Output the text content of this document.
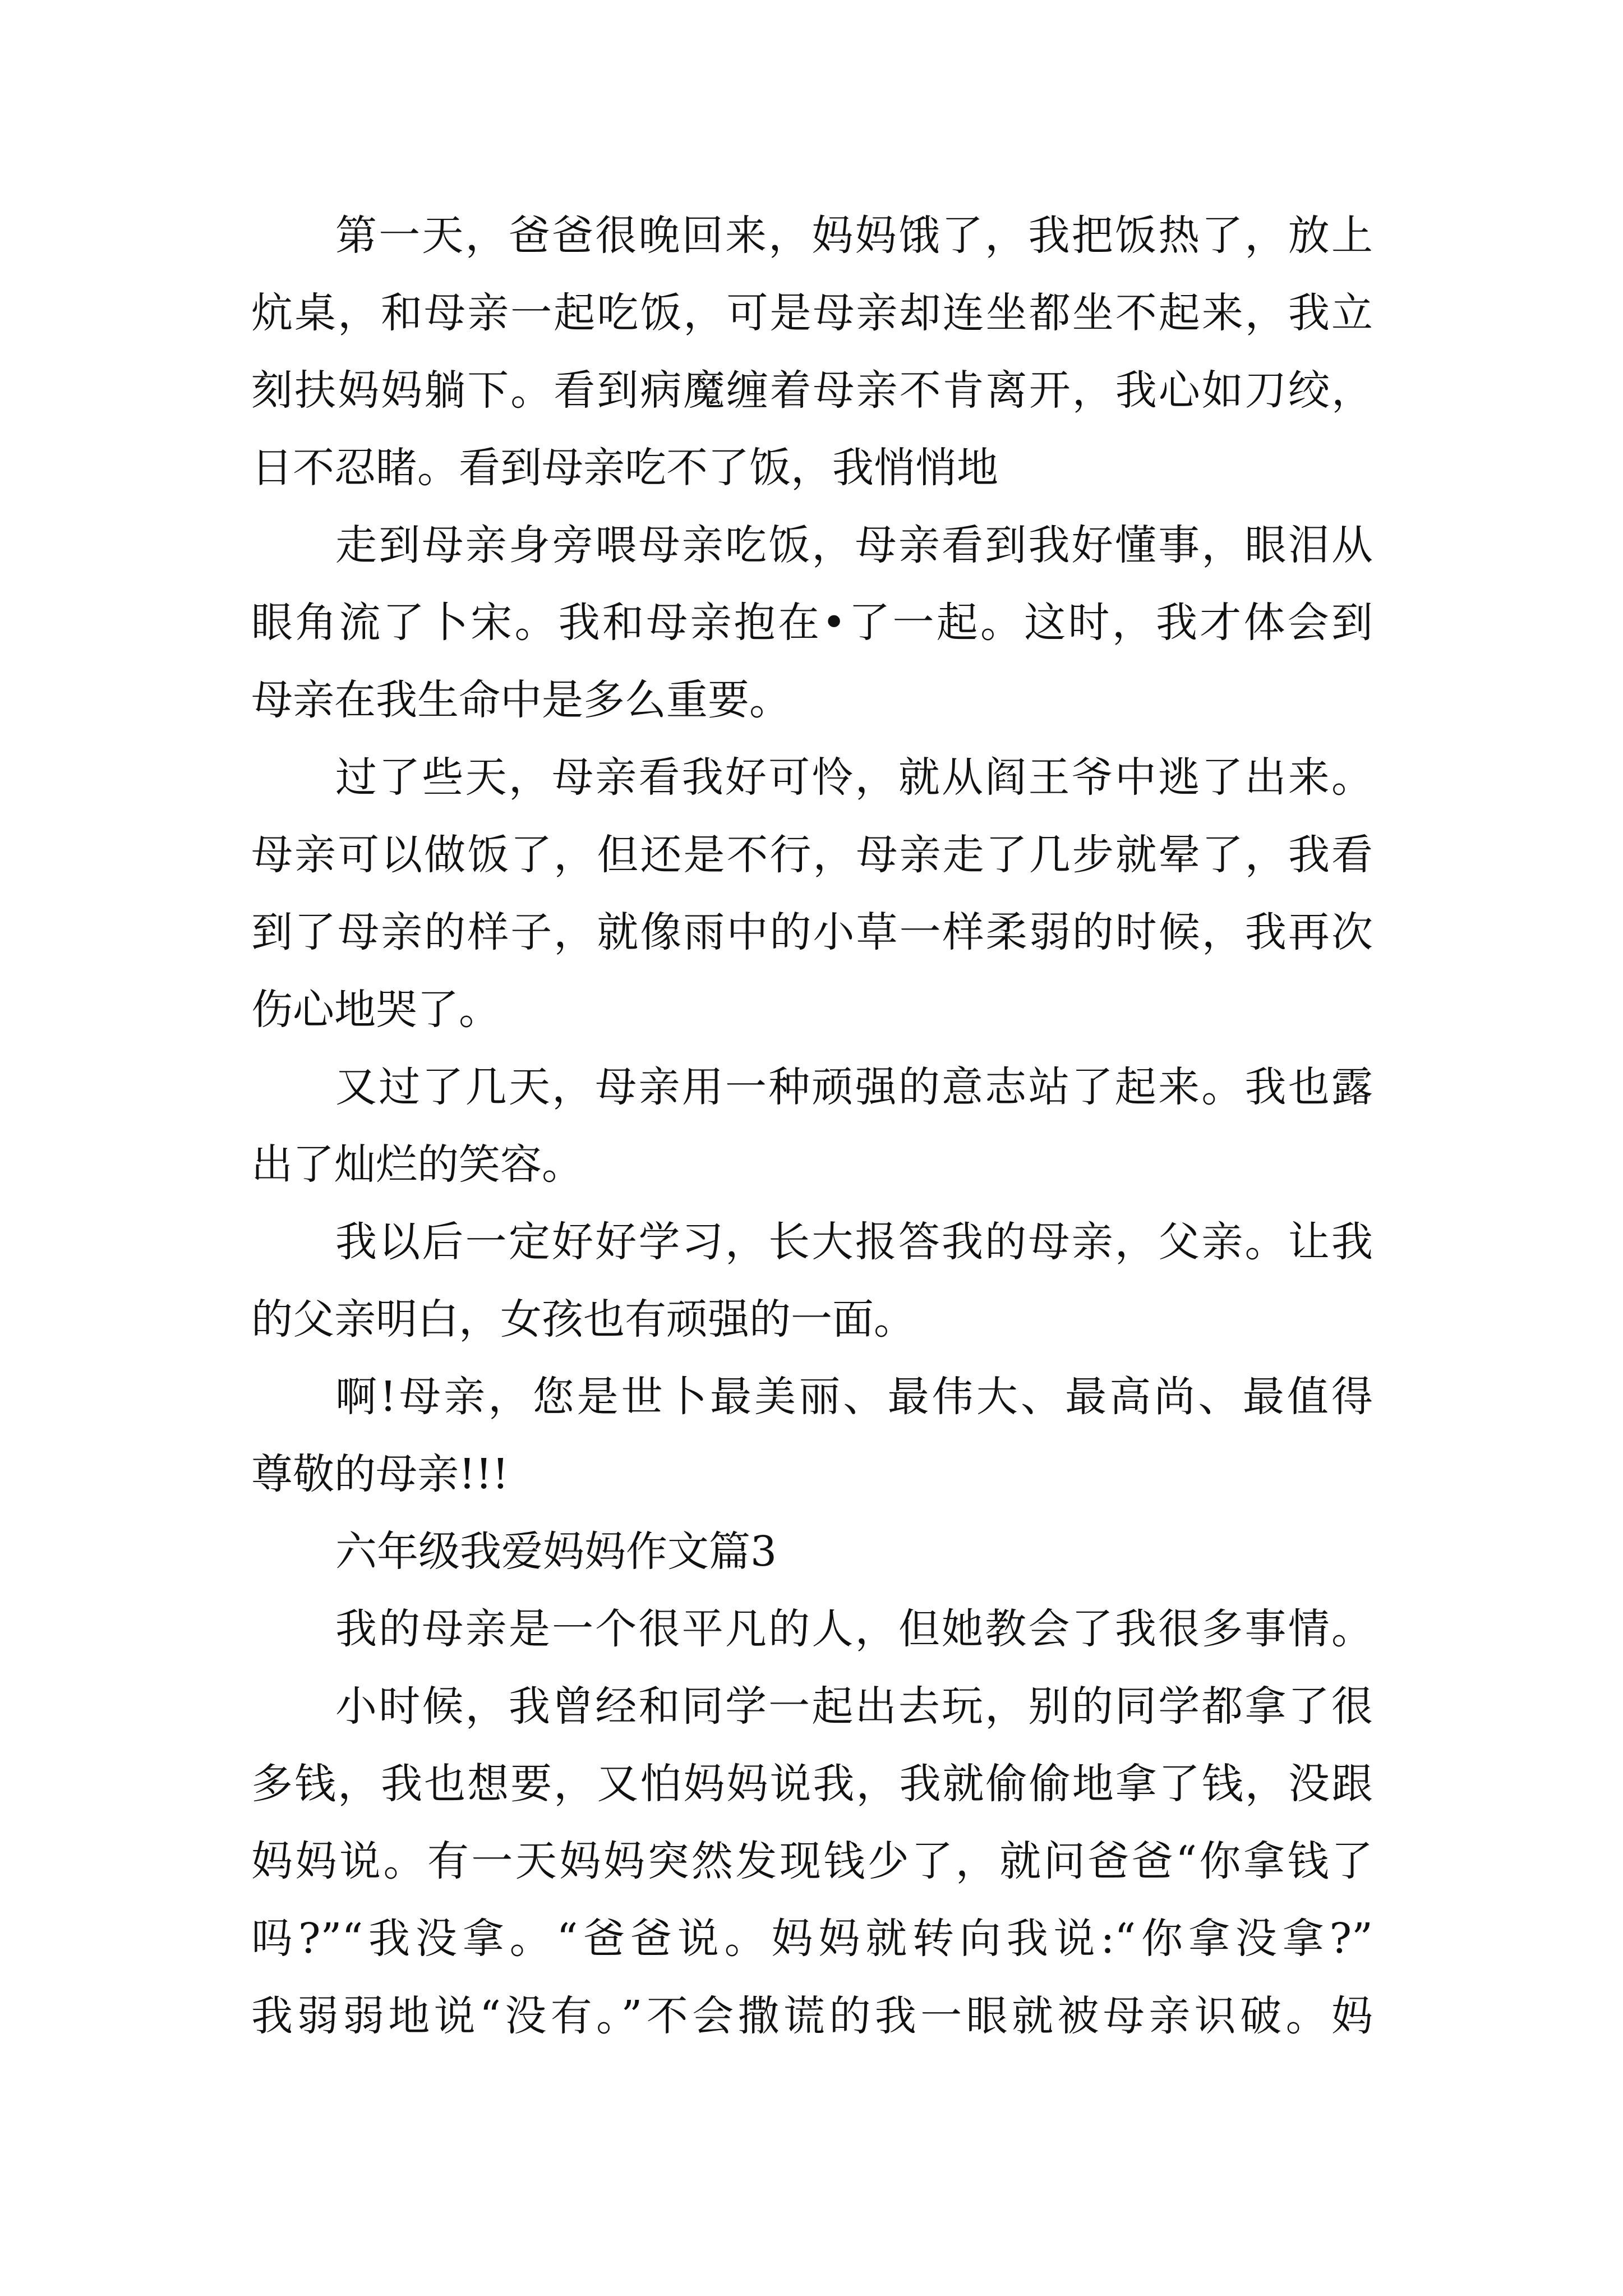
第一天，爸爸很晚回来，妈妈饿了，我把饭热了，放上
炕桌，和母亲一起吃饭，可是母亲却连坐都坐不起来，我立
刻扶妈妈躺下。看到病魔缠着母亲不肯离开，我心如刀绞，
日不忍睹。看到母亲吃不了饭，我悄悄地
走到母亲身旁喂母亲吃饭，母亲看到我好懂事，眼泪从
眼角流了卜宋。我和母亲抱在•了一起。这时，我才体会到
母亲在我生命中是多么重要。
过了些天，母亲看我好可怜，就从阎王爷中逃了出来。
母亲可以做饭了，但还是不行，母亲走了几步就晕了，我看
到了母亲的样子，就像雨中的小草一样柔弱的时候，我再次
伤心地哭了。
又过了几天，母亲用一种顽强的意志站了起来。我也露
出了灿烂的笑容。
我以后一定好好学习，长大报答我的母亲，父亲。让我
的父亲明白，女孩也有顽强的一面。
啊!母亲，您是世卜最美丽、最伟大、最高尚、最值得
尊敬的母亲!!!
六年级我爱妈妈作文篇3
我的母亲是一个很平凡的人，但她教会了我很多事情。
小时候，我曾经和同学一起出去玩，别的同学都拿了很
多钱，我也想要，又怕妈妈说我，我就偷偷地拿了钱，没跟
妈妈说。有一天妈妈突然发现钱少了，就问爸爸“你拿钱了
吗?”“我没拿。“爸爸说。妈妈就转向我说:“你拿没拿?”
我弱弱地说“没有。”不会撒谎的我一眼就被母亲识破。妈
